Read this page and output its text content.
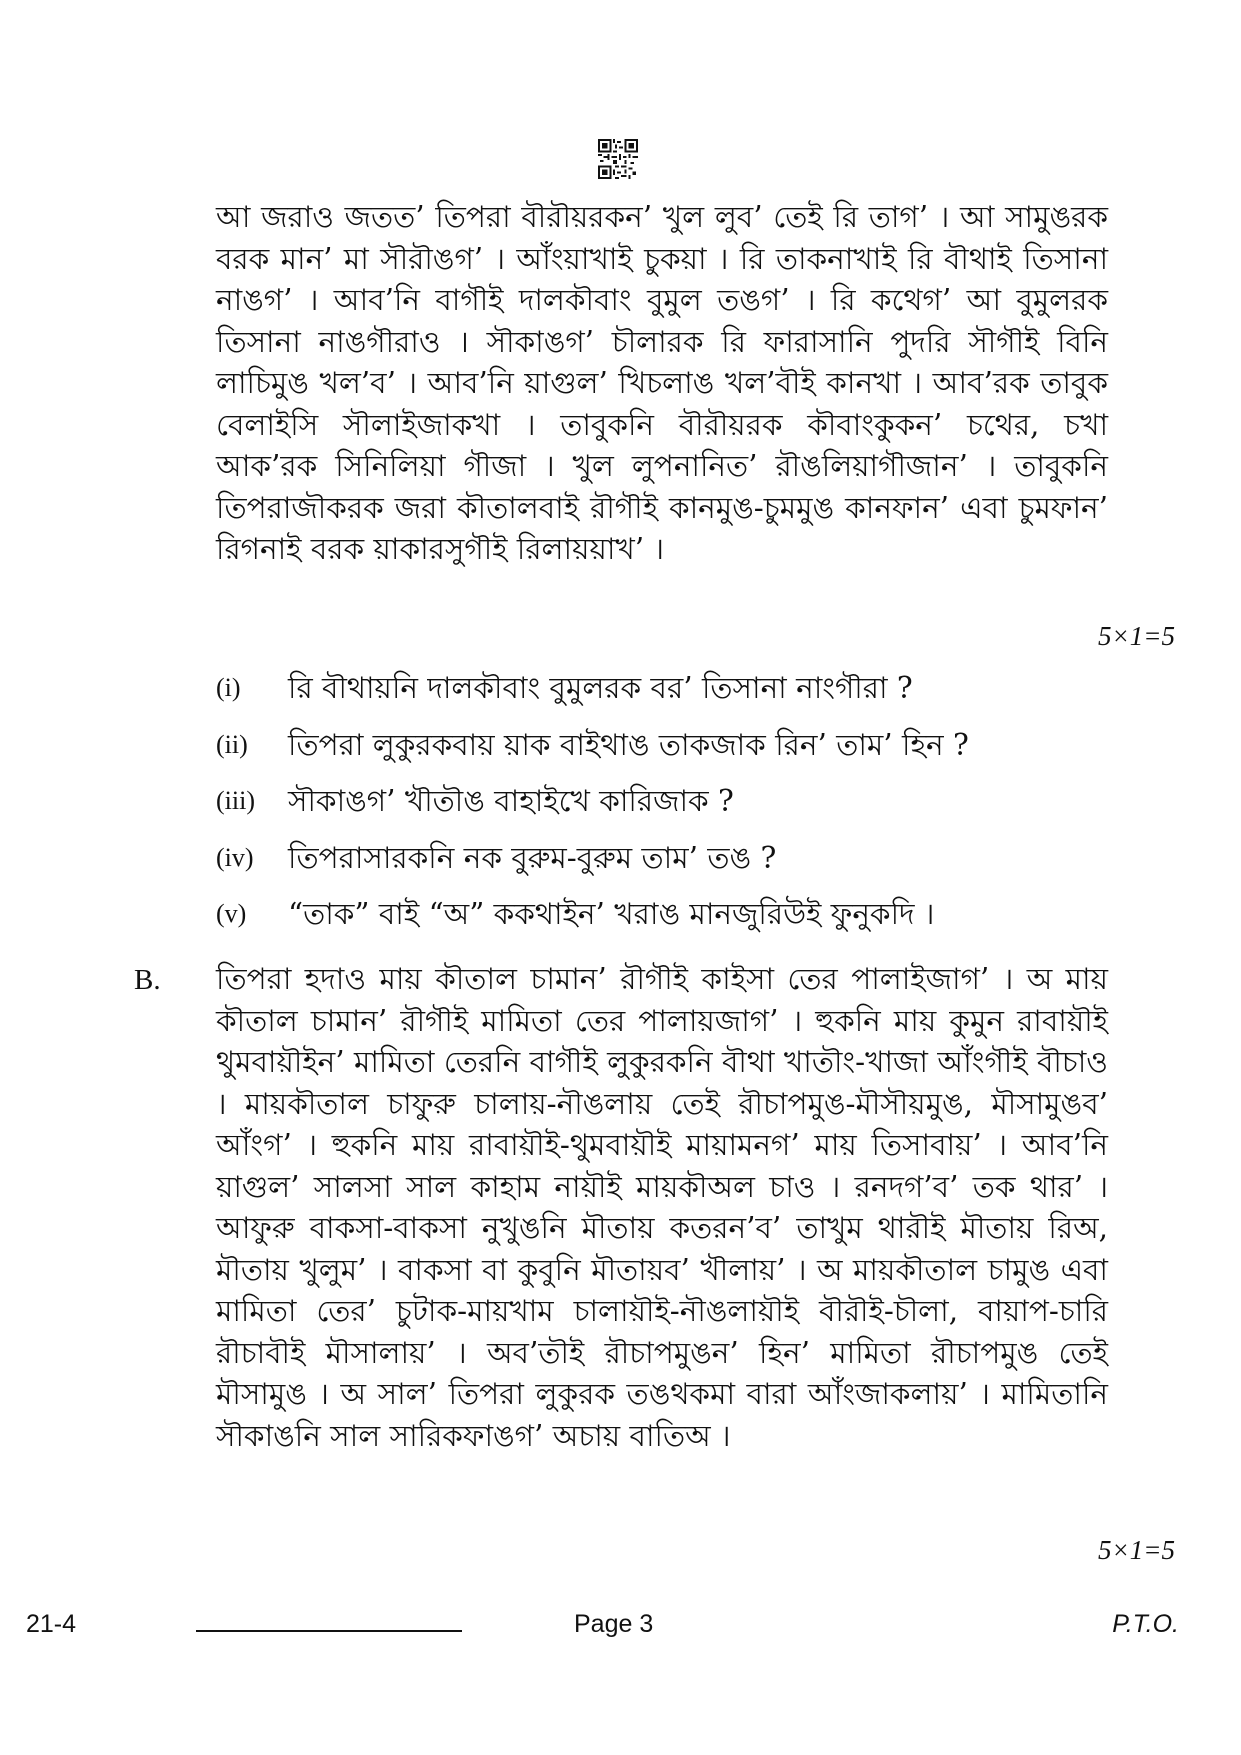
আ জরাও জতত’ তিপরা বৗরৗয়রকন’ খুল লুব’ তেই রি তাগ’ । আ সামুঙরক বরক মান’ মা সৗরৗঙগ’ । আঁংয়াখাই চুকয়া । রি তাকনাখাই রি বৗথাই তিসানা নাঙগ’ । আব’নি বাগৗই দালকৗবাং বুমুল তঙগ’ । রি কথেগ’ আ বুমুলরক তিসানা নাঙগৗরাও । সৗকাঙগ’ চৗলারক রি ফারাসানি পুদরি সৗগৗই বিনি লাচিমুঙ খল’ব’ । আব’নি য়াগুল’ খিচলাঙ খল’বৗই কানখা । আব’রক তাবুক বেলাইসি সৗলাইজাকখা । তাবুকনি বৗরৗয়রক কৗবাংকুকন’ চথের, চখা আক’রক সিনিলিয়া গৗজা । খুল লুপনানিত’ রৗঙলিয়াগৗজান’ । তাবুকনি তিপরাজৗকরক জরা কৗতালবাই রৗগৗই কানমুঙ-চুমমুঙ কানফান’ এবা চুমফান’ রিগনাই বরক য়াকারসুগৗই রিলায়য়াখ’ ।

5×1=5
(i)	রি বৗথায়নি দালকৗবাং বুমুলরক বর’ তিসানা নাংগৗরা ?
(ii)	তিপরা লুকুরকবায় য়াক বাইথাঙ তাকজাক রিন’ তাম’ হিন ?
(iii)	সৗকাঙগ’ খৗতৗঙ বাহাইখে কারিজাক ?
(iv)	তিপরাসারকনি নক বুরুম-বুরুম তাম’ তঙ ?
(v)	“তাক” বাই “অ” ককথাইন’ খরাঙ মানজুরিউই ফুনুকদি ।
B. তিপরা হদাও মায় কৗতাল চামান’ রৗগৗই কাইসা তের পালাইজাগ’ । অ মায় কৗতাল চামান’ রৗগৗই মামিতা তের পালায়জাগ’ । হুকনি মায় কুমুন রাবায়ৗই থুমবায়ৗইন’ মামিতা তেরনি বাগৗই লুকুরকনি বৗথা খাতৗং-খাজা আঁংগৗই বৗচাও । মায়কৗতাল চাফুরু চালায়-নৗঙলায় তেই রৗচাপমুঙ-মৗসৗয়মুঙ, মৗসামুঙব’ আঁংগ’ । হুকনি মায় রাবায়ৗই-থুমবায়ৗই মায়ামনগ’ মায় তিসাবায়’ । আব’নি য়াগুল’ সালসা সাল কাহাম নায়ৗই মায়কৗঅল চাও । রনদগ’ব’ তক থার’ । আফুরু বাকসা-বাকসা নুখুঙনি মৗতায় কতরন’ব’ তাখুম থারৗই মৗতায় রিঅ, মৗতায় খুলুম’ । বাকসা বা কুবুনি মৗতায়ব’ খৗলায়’ । অ মায়কৗতাল চামুঙ এবা মামিতা তের’ চুটাক-মায়খাম চালায়ৗই-নৗঙলায়ৗই বৗরৗই-চৗলা, বায়াপ-চারি রৗচাবৗই মৗসালায়’ । অব’তৗই রৗচাপমুঙন’ হিন’ মামিতা রৗচাপমুঙ তেই মৗসামুঙ । অ সাল’ তিপরা লুকুরক তঙথকমা বারা আঁংজাকলায়’ । মামিতানি সৗকাঙনি সাল সারিকফাঙগ’ অচায় বাতিঅ ।

5×1=5
21-4	Page 3	P.T.O.
